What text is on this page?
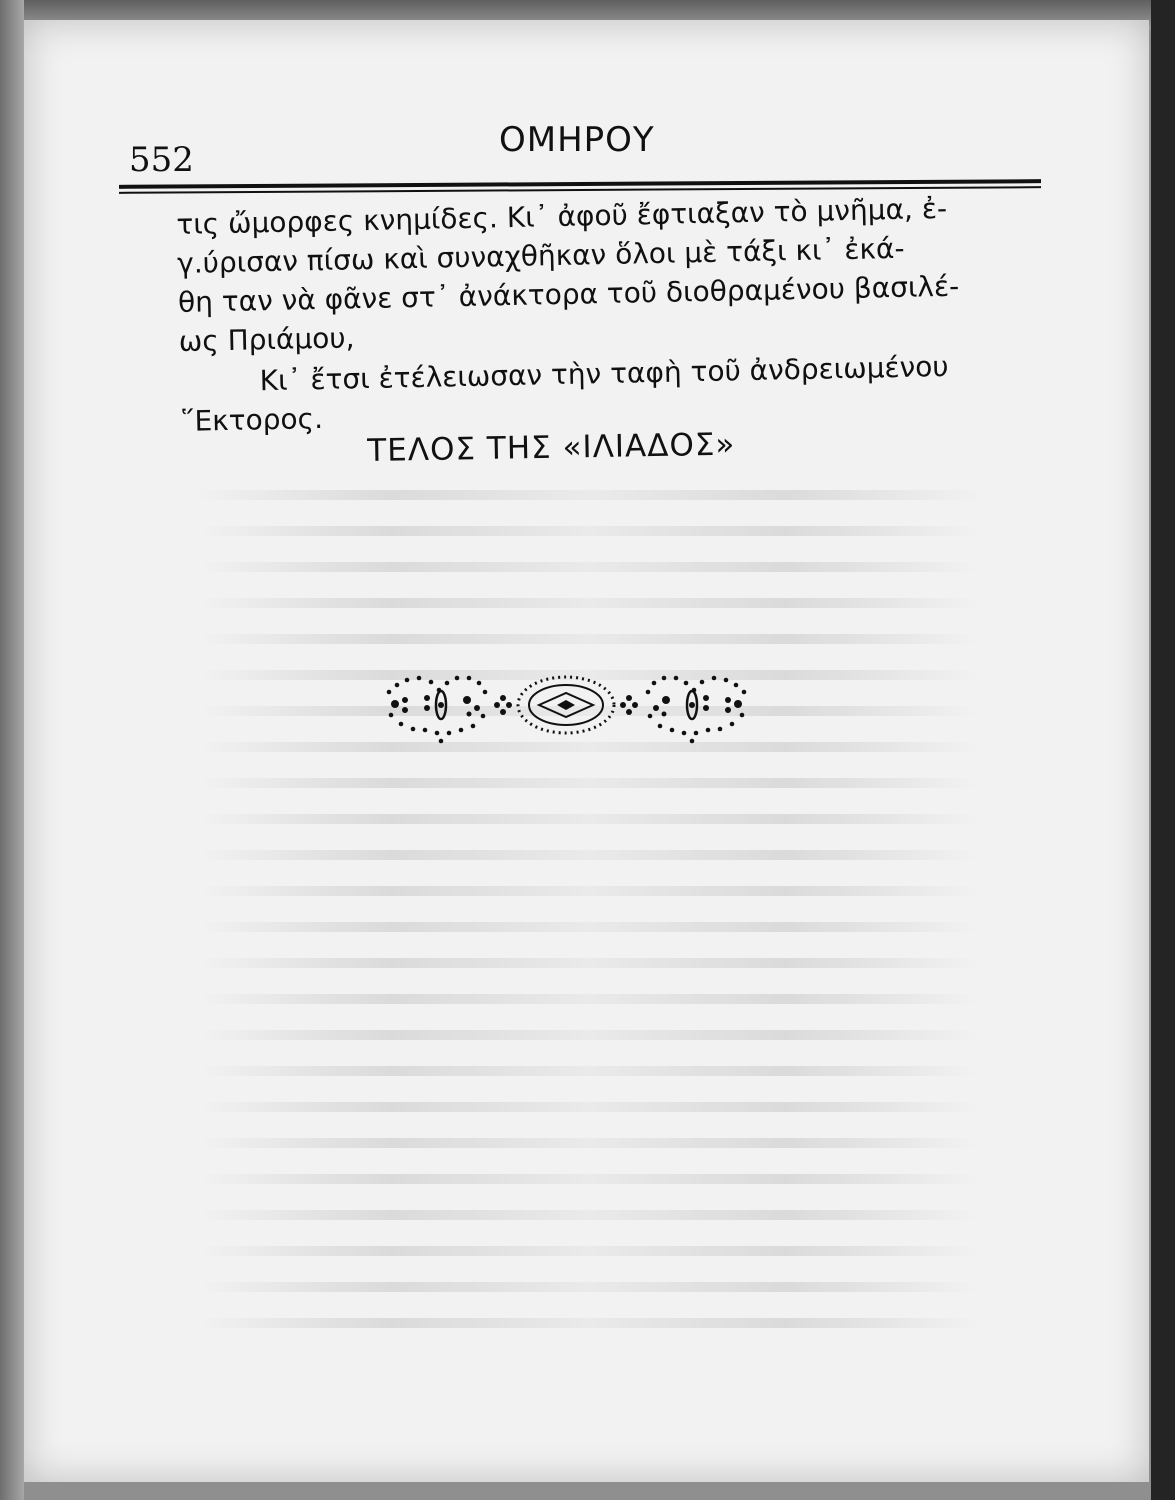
552	ΟΜΗΡΟΥ

τις ὤμορφες κνημίδες. Κι᾽ ἀφοῦ ἔφτιαξαν τὸ μνῆμα, ἐ-
γ.ύρισαν πίσω καὶ συναχθῆκαν ὅλοι μὲ τάξι κι᾽ ἐκά-
θη ταν νὰ φᾶνε στ᾽ ἀνάκτορα τοῦ διοθραμένου βασιλέ-
ως Πριάμου,

Κι᾽ ἔτσι ἐτέλειωσαν τὴν ταφὴ τοῦ ἀνδρειωμένου
῞Εκτορος.

ΤΕΛΟΣ ΤΗΣ «ΙΛΙΑΔΟΣ»
